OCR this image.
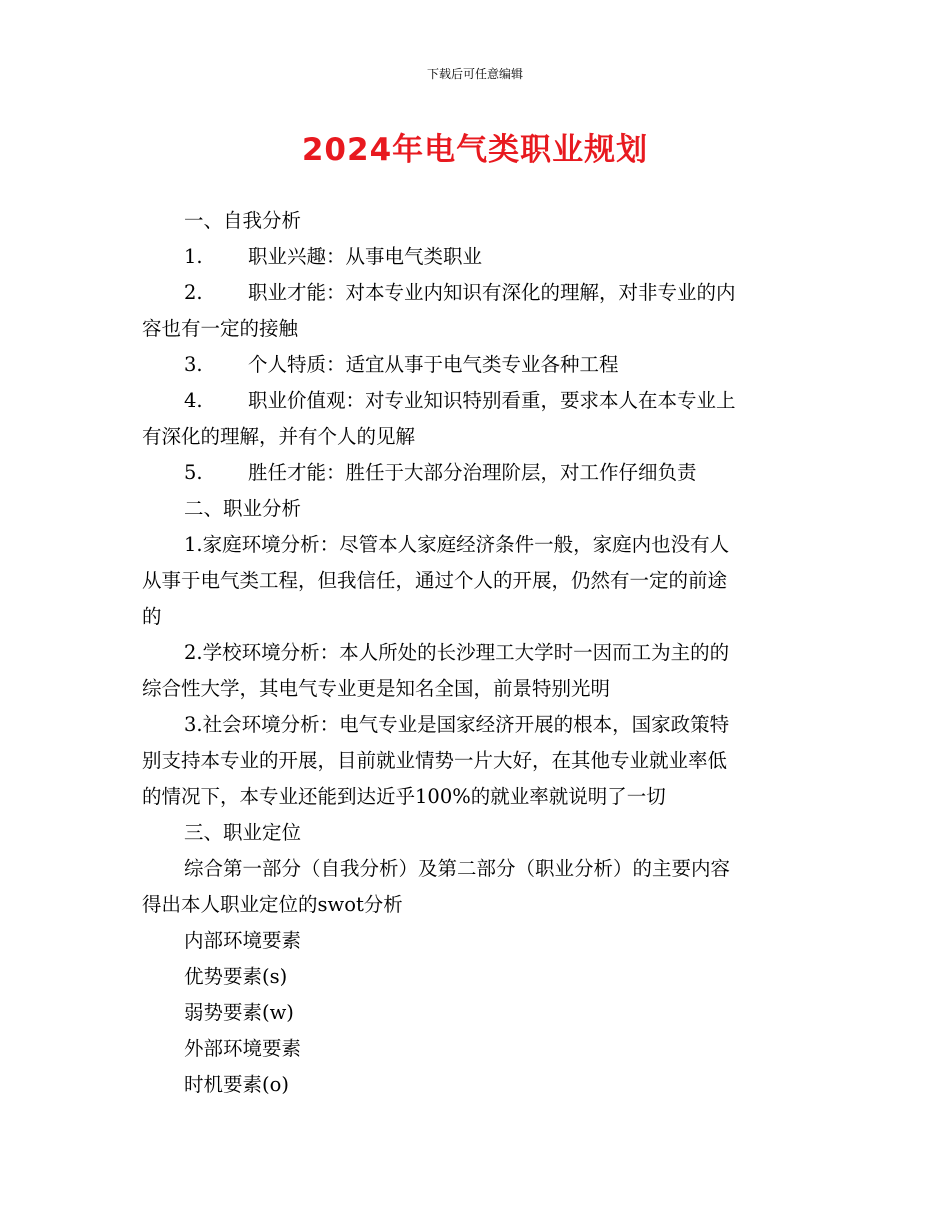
下载后可任意编辑
2024年电气类职业规划
一、自我分析
1. 职业兴趣：从事电气类职业
2. 职业才能：对本专业内知识有深化的理解，对非专业的内
容也有一定的接触
3. 个人特质：适宜从事于电气类专业各种工程
4. 职业价值观：对专业知识特别看重，要求本人在本专业上
有深化的理解，并有个人的见解
5. 胜任才能：胜任于大部分治理阶层，对工作仔细负责
二、职业分析
1.家庭环境分析：尽管本人家庭经济条件一般，家庭内也没有人
从事于电气类工程，但我信任，通过个人的开展，仍然有一定的前途
的
2.学校环境分析：本人所处的长沙理工大学时一因而工为主的的
综合性大学，其电气专业更是知名全国，前景特别光明
3.社会环境分析：电气专业是国家经济开展的根本，国家政策特
别支持本专业的开展，目前就业情势一片大好，在其他专业就业率低
的情况下，本专业还能到达近乎100%的就业率就说明了一切
三、职业定位
综合第一部分（自我分析）及第二部分（职业分析）的主要内容
得出本人职业定位的swot分析
内部环境要素
优势要素(s)
弱势要素(w)
外部环境要素
时机要素(o)
